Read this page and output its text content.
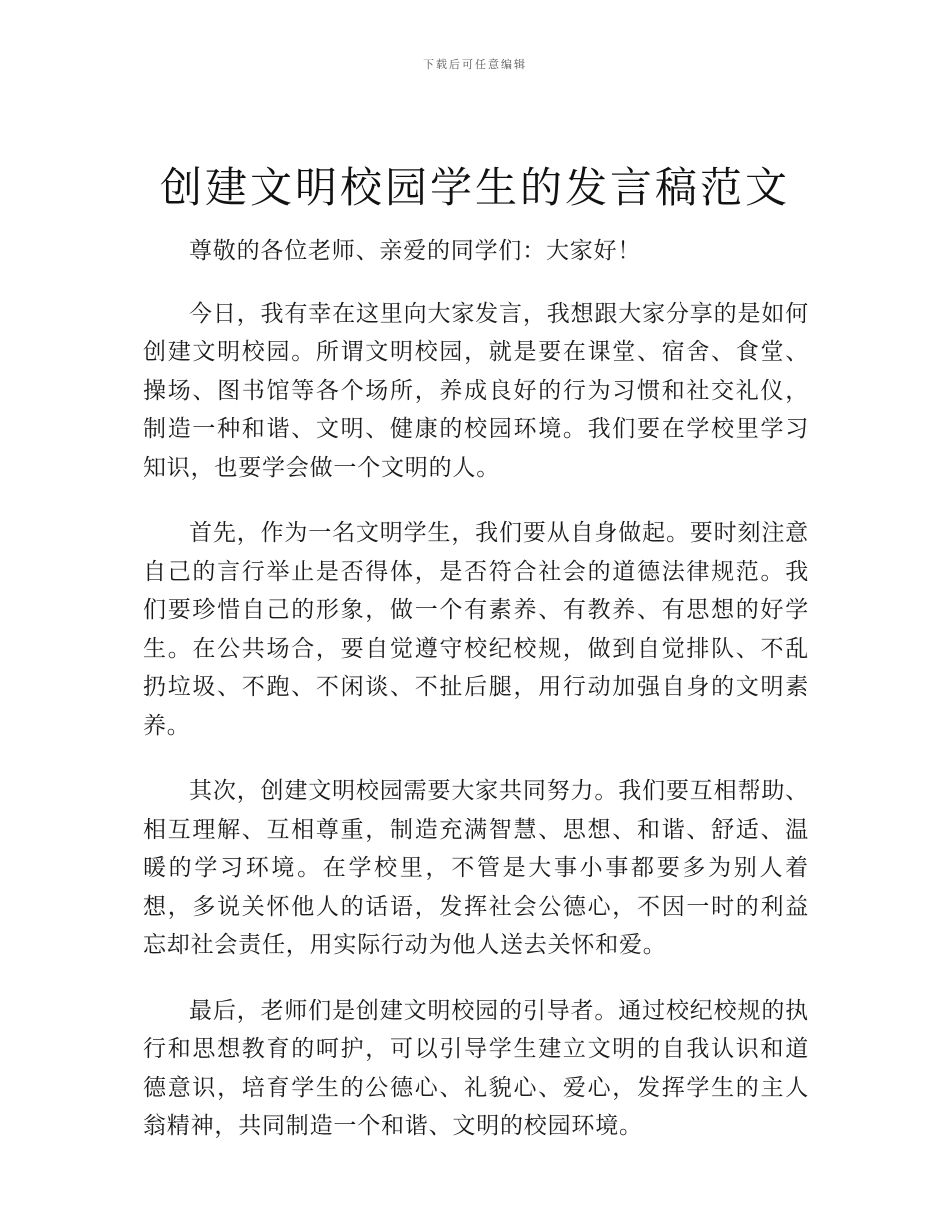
下载后可任意编辑
创建文明校园学生的发言稿范文

尊敬的各位老师、亲爱的同学们：大家好！

今日，我有幸在这里向大家发言，我想跟大家分享的是如何创建文明校园。所谓文明校园，就是要在课堂、宿舍、食堂、操场、图书馆等各个场所，养成良好的行为习惯和社交礼仪，制造一种和谐、文明、健康的校园环境。我们要在学校里学习知识，也要学会做一个文明的人。

首先，作为一名文明学生，我们要从自身做起。要时刻注意自己的言行举止是否得体，是否符合社会的道德法律规范。我们要珍惜自己的形象，做一个有素养、有教养、有思想的好学生。在公共场合，要自觉遵守校纪校规，做到自觉排队、不乱扔垃圾、不跑、不闲谈、不扯后腿，用行动加强自身的文明素养。

其次，创建文明校园需要大家共同努力。我们要互相帮助、相互理解、互相尊重，制造充满智慧、思想、和谐、舒适、温暖的学习环境。在学校里，不管是大事小事都要多为别人着想，多说关怀他人的话语，发挥社会公德心，不因一时的利益忘却社会责任，用实际行动为他人送去关怀和爱。

最后，老师们是创建文明校园的引导者。通过校纪校规的执行和思想教育的呵护，可以引导学生建立文明的自我认识和道德意识，培育学生的公德心、礼貌心、爱心，发挥学生的主人翁精神，共同制造一个和谐、文明的校园环境。
